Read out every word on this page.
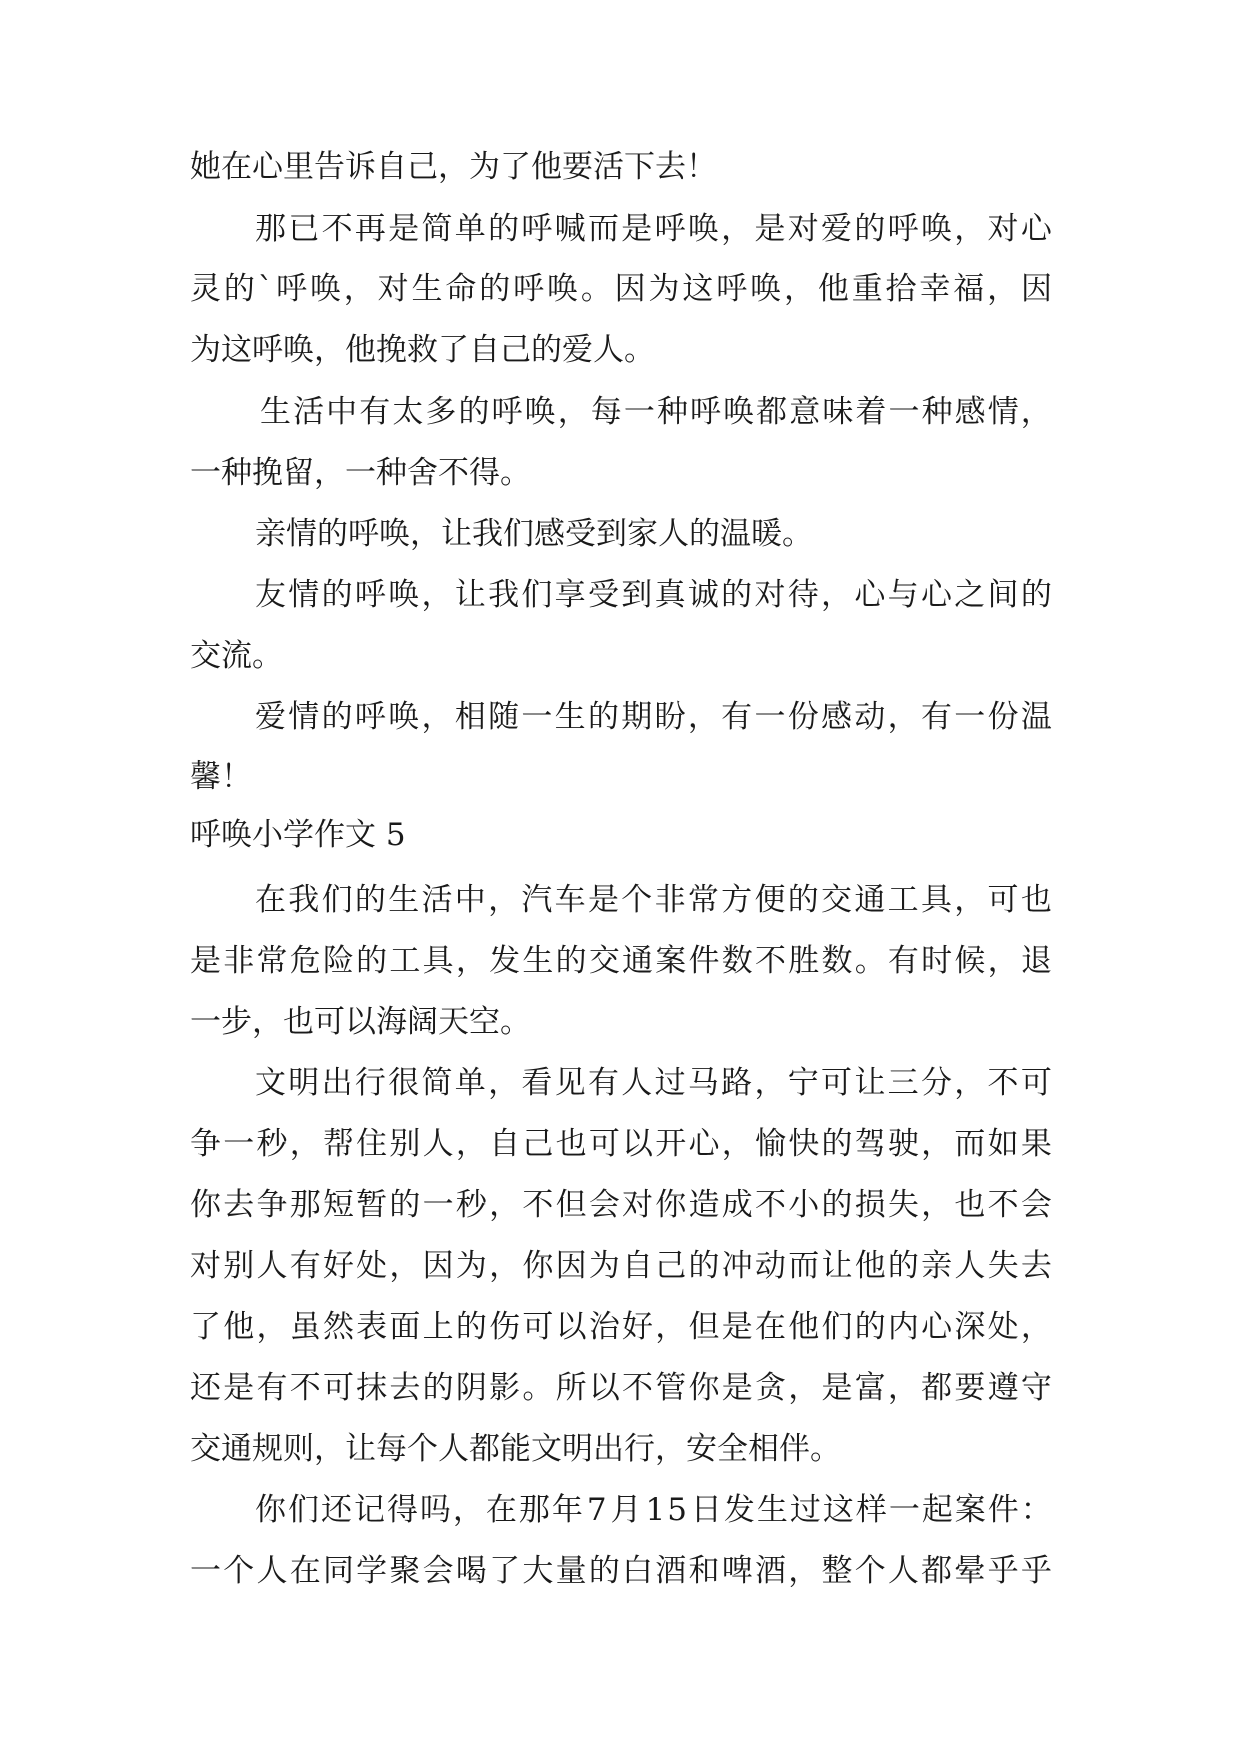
她在心里告诉自己，为了他要活下去！

那 已 不 再 是 简 单 的 呼 喊 而 是 呼 唤 ， 是 对 爱 的 呼 唤 ， 对 心

灵 的 ` 呼 唤 ， 对 生 命 的 呼 唤 。 因 为 这 呼 唤 ， 他 重 拾 幸 福 ， 因

为这呼唤，他挽救了自己的爱人。

生 活 中 有 太 多 的 呼 唤 ， 每 一 种 呼 唤 都 意 味 着 一 种 感 情 ，

一种挽留，一种舍不得。

亲情的呼唤，让我们感受到家人的温暖。

友 情 的 呼 唤 ， 让 我 们 享 受 到 真 诚 的 对 待 ， 心 与 心 之 间 的

交流。

爱 情 的 呼 唤 ， 相 随 一 生 的 期 盼 ， 有 一 份 感 动 ， 有 一 份 温

馨！

呼唤小学作文 5

在 我 们 的 生 活 中 ， 汽 车 是 个 非 常 方 便 的 交 通 工 具 ， 可 也

是 非 常 危 险 的 工 具 ， 发 生 的 交 通 案 件 数 不 胜 数 。 有 时 候 ， 退

一步，也可以海阔天空。

文 明 出 行 很 简 单 ， 看 见 有 人 过 马 路 ， 宁 可 让 三 分 ， 不 可

争 一 秒 ， 帮 住 别 人 ， 自 己 也 可 以 开 心 ， 愉 快 的 驾 驶 ， 而 如 果

你 去 争 那 短 暂 的 一 秒 ， 不 但 会 对 你 造 成 不 小 的 损 失 ， 也 不 会

对 别 人 有 好 处 ， 因 为 ， 你 因 为 自 己 的 冲 动 而 让 他 的 亲 人 失 去

了 他 ， 虽 然 表 面 上 的 伤 可 以 治 好 ， 但 是 在 他 们 的 内 心 深 处 ，

还 是 有 不 可 抹 去 的 阴 影 。 所 以 不 管 你 是 贪 ， 是 富 ， 都 要 遵 守

交通规则，让每个人都能文明出行，安全相伴。

你 们 还 记 得 吗 ， 在 那 年 7 月 1 5 日 发 生 过 这 样 一 起 案 件 ：

一 个 人 在 同 学 聚 会 喝 了 大 量 的 白 酒 和 啤 酒 ， 整 个 人 都 晕 乎 乎
